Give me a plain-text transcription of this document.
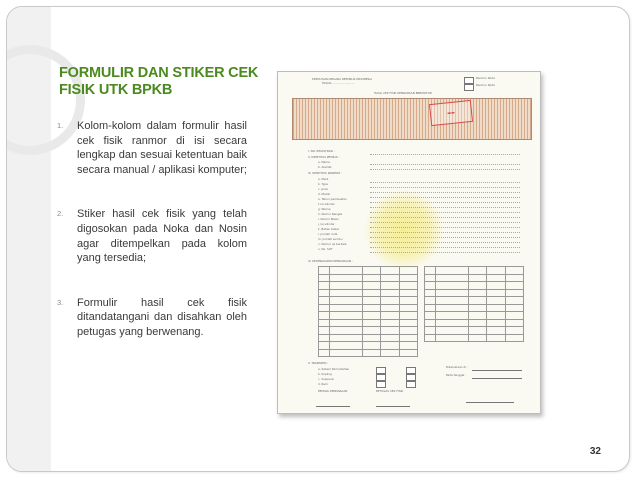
FORMULIR DAN STIKER CEK FISIK UTK BPKB
1. Kolom-kolom dalam formulir hasil cek fisik ranmor di isi secara lengkap dan sesuai ketentuan baik secara manual / aplikasi komputer;
2. Stiker hasil cek fisik yang telah digosokan pada Noka dan Nosin agar ditempelkan pada kolom yang tersedia;
3. Formulir hasil cek fisik ditandatangani dan disahkan oleh petugas yang berwenang.
KEPOLISIAN NEGARA REPUBLIK INDONESIA
POLDA .........................
Ranmor Roda
Ranmor Roda
HASIL CEK FISIK KENDARAAN BERMOTOR
▬▬
I. NO. REGISTRASI :
II. IDENTITAS PEMILIK :
a. Nama
b. Alamat
III. IDENTITAS RANMOR :
a. Merk
b. Type
c. Jenis
d. Model
e. Tahun pembuatan
f. Isi silinder
g. Warna
h. Nomor Rangka
i. Nomor Mesin
j. Isi silinder
k. Bahan bakar
l. Jumlah roda
m. Jumlah sumbu
n. Nomor uji berkala
o. No. SUT
IV. KELENGKAPAN KENDARAAN :

V. TRANSMISI :
a. Sistem Pemindahan
b. Kopling
c. Suspensi
d. Rem
Dikeluarkan di :
Pada tanggal :
PEMILIK KENDARAAN	PETUGAS CEK FISIK
32
